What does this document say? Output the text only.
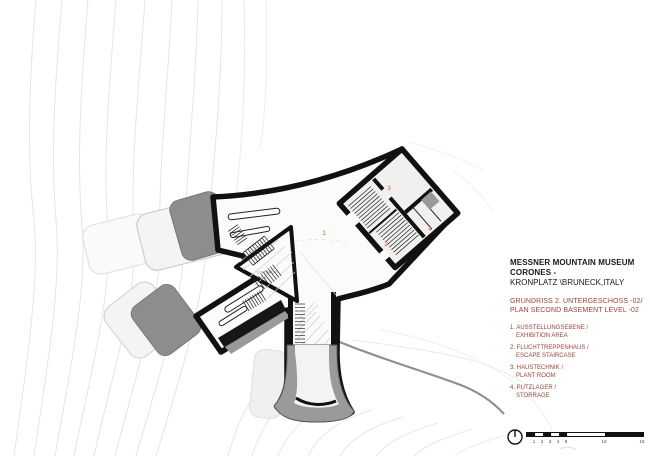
1
2
3
4
LUFTRAUM
VOID
MESSNER MOUNTAIN MUSEUM
CORONES -
KRONPLATZ \BRUNECK,ITALY
GRUNDRISS 2. UNTERGESCHOSS -02/
PLAN SECOND BASEMENT LEVEL -02
1. AUSSTELLUNGSEBENE /
EXHIBITION AREA
2. FLUCHTTREPPENHAUS /
ESCAPE STAIRCASE
3. HAUSTECHNIK /
PLANT ROOM
4. PUTZLAGER /
STORRAGE
1 2 3 4 5	10	15
